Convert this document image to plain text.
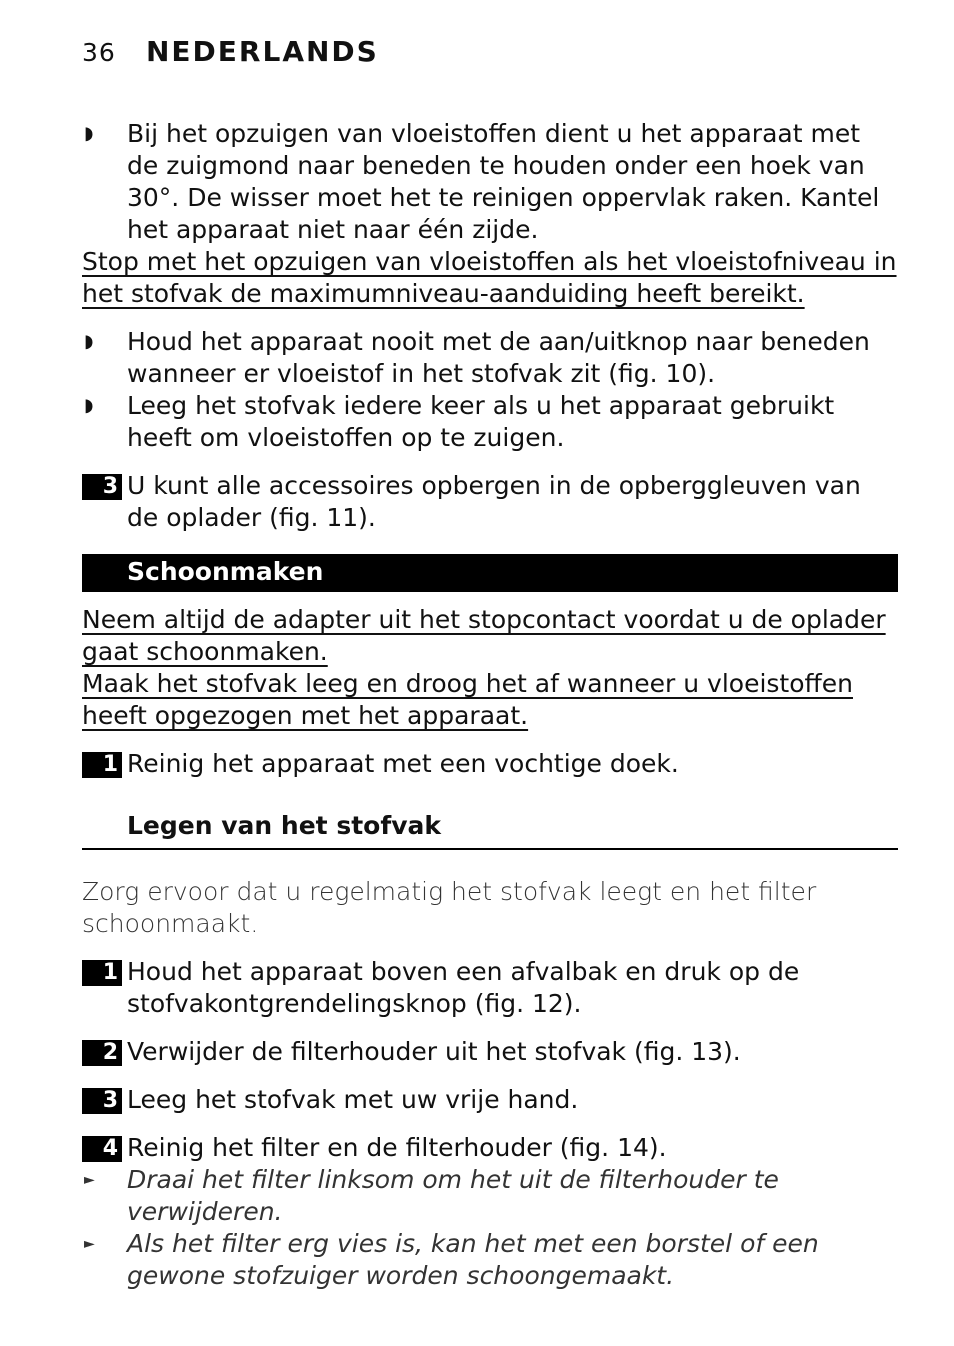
36 NEDERLANDS

◗ Bij het opzuigen van vloeistoffen dient u het apparaat met de zuigmond naar beneden te houden onder een hoek van 30°. De wisser moet het te reinigen oppervlak raken. Kantel het apparaat niet naar één zijde.

Stop met het opzuigen van vloeistoffen als het vloeistofniveau in het stofvak de maximumniveau-aanduiding heeft bereikt.

◗ Houd het apparaat nooit met de aan/uitknop naar beneden wanneer er vloeistof in het stofvak zit (fig. 10).

◗ Leeg het stofvak iedere keer als u het apparaat gebruikt heeft om vloeistoffen op te zuigen.

3 U kunt alle accessoires opbergen in de opberggleuven van de oplader (fig. 11).

Schoonmaken

Neem altijd de adapter uit het stopcontact voordat u de oplader gaat schoonmaken.

Maak het stofvak leeg en droog het af wanneer u vloeistoffen heeft opgezogen met het apparaat.

1 Reinig het apparaat met een vochtige doek.

Legen van het stofvak

Zorg ervoor dat u regelmatig het stofvak leegt en het filter schoonmaakt.

1 Houd het apparaat boven een afvalbak en druk op de stofvakontgrendelingsknop (fig. 12).

2 Verwijder de filterhouder uit het stofvak (fig. 13).

3 Leeg het stofvak met uw vrije hand.

4 Reinig het filter en de filterhouder (fig. 14).

► Draai het filter linksom om het uit de filterhouder te verwijderen.

► Als het filter erg vies is, kan het met een borstel of een gewone stofzuiger worden schoongemaakt.
